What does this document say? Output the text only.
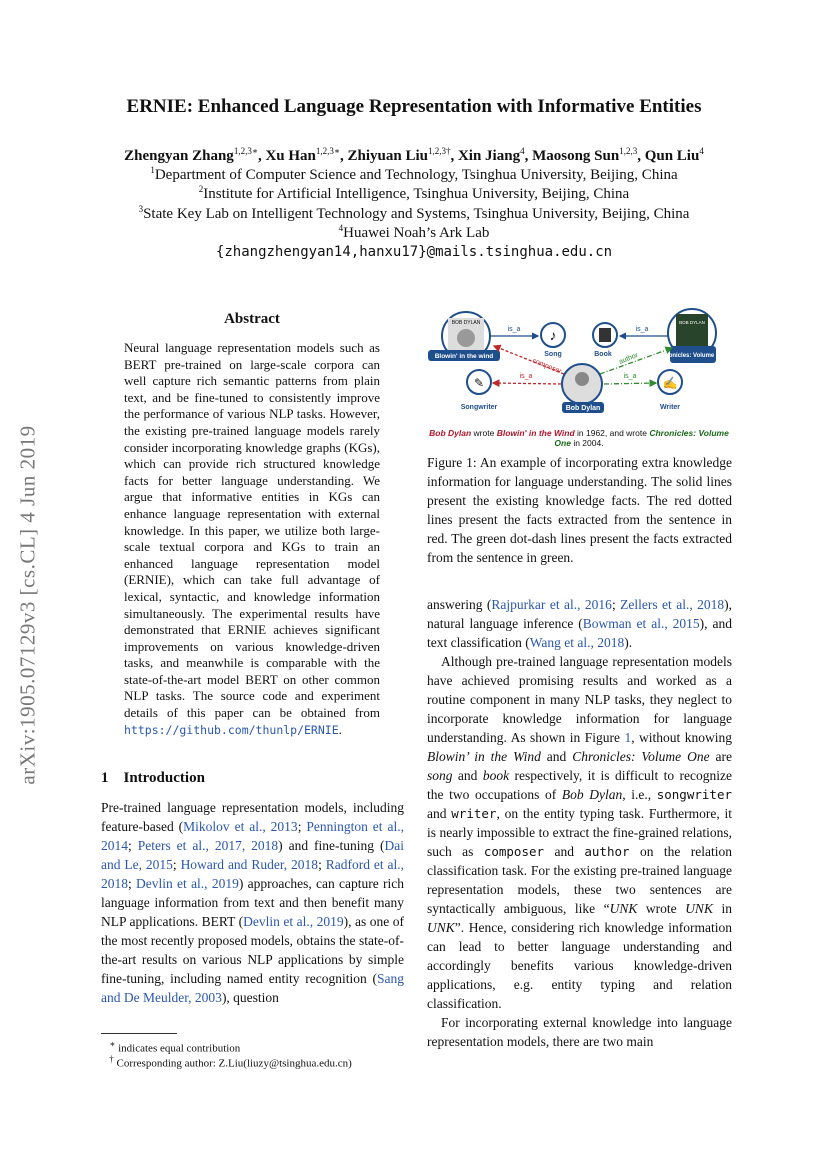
ERNIE: Enhanced Language Representation with Informative Entities
Zhengyan Zhang$^{1,2,3∗}$, Xu Han$^{1,2,3∗}$, Zhiyuan Liu$^{1,2,3\dagger}$, Xin Jiang$^4$, Maosong Sun$^{1,2,3}$, Qun Liu$^4$
$^1$Department of Computer Science and Technology, Tsinghua University, Beijing, China
$^2$Institute for Artificial Intelligence, Tsinghua University, Beijing, China
$^3$State Key Lab on Intelligent Technology and Systems, Tsinghua University, Beijing, China
$^4$Huawei Noah’s Ark Lab
{zhangzhengyan14,hanxu17}@mails.tsinghua.edu.cn
arXiv:1905.07129v3 [cs.CL] 4 Jun 2019
Abstract
Neural language representation models such as BERT pre-trained on large-scale corpora can well capture rich semantic patterns from plain text, and be fine-tuned to consistently improve the performance of various NLP tasks. However, the existing pre-trained language models rarely consider incorporating knowledge graphs (KGs), which can provide rich structured knowledge facts for better language understanding. We argue that informative entities in KGs can enhance language representation with external knowledge. In this paper, we utilize both large-scale textual corpora and KGs to train an enhanced language representation model (ERNIE), which can take full advantage of lexical, syntactic, and knowledge information simultaneously. The experimental results have demonstrated that ERNIE achieves significant improvements on various knowledge-driven tasks, and meanwhile is comparable with the state-of-the-art model BERT on other common NLP tasks. The source code and experiment details of this paper can be obtained from https://github.com/thunlp/ERNIE.
1 Introduction
Pre-trained language representation models, including feature-based (Mikolov et al., 2013; Pennington et al., 2014; Peters et al., 2017, 2018) and fine-tuning (Dai and Le, 2015; Howard and Ruder, 2018; Radford et al., 2018; Devlin et al., 2019) approaches, can capture rich language information from text and then benefit many NLP applications. BERT (Devlin et al., 2019), as one of the most recently proposed models, obtains the state-of-the-art results on various NLP applications by simple fine-tuning, including named entity recognition (Sang and De Meulder, 2003), question
∗ indicates equal contribution
† Corresponding author: Z.Liu(liuzy@tsinghua.edu.cn)
BOB DYLAN
Blowin' in the wind
♪
Song	Book
BOB DYLAN
Chronicles: Volume One
✎
Songwriter	Bob Dylan
✍
Writer
is_a	is_a
composer
is_a
author
is_a
Bob Dylan wrote Blowin' in the Wind in 1962, and wrote Chronicles: Volume One in 2004.
Figure 1: An example of incorporating extra knowledge information for language understanding. The solid lines present the existing knowledge facts. The red dotted lines present the facts extracted from the sentence in red. The green dot-dash lines present the facts extracted from the sentence in green.

answering (Rajpurkar et al., 2016; Zellers et al., 2018), natural language inference (Bowman et al., 2015), and text classification (Wang et al., 2018).

Although pre-trained language representation models have achieved promising results and worked as a routine component in many NLP tasks, they neglect to incorporate knowledge information for language understanding. As shown in Figure 1, without knowing Blowin’ in the Wind and Chronicles: Volume One are song and book respectively, it is difficult to recognize the two occupations of Bob Dylan, i.e., songwriter and writer, on the entity typing task. Furthermore, it is nearly impossible to extract the fine-grained relations, such as composer and author on the relation classification task. For the existing pre-trained language representation models, these two sentences are syntactically ambiguous, like “UNK wrote UNK in UNK”. Hence, considering rich knowledge information can lead to better language understanding and accordingly benefits various knowledge-driven applications, e.g. entity typing and relation classification.

For incorporating external knowledge into language representation models, there are two main
